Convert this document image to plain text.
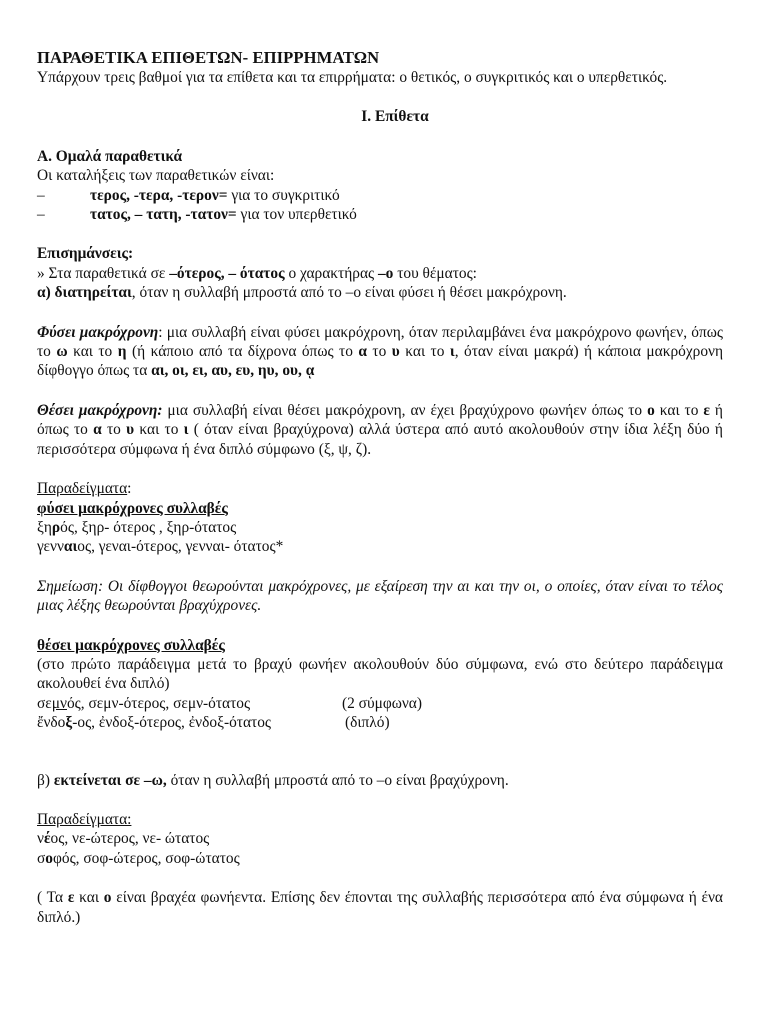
ΠΑΡΑΘΕΤΙΚΑ ΕΠΙΘΕΤΩΝ- ΕΠΙΡΡΗΜΑΤΩΝ

Υπάρχουν τρεις βαθμοί για τα επίθετα και τα επιρρήματα: ο θετικός, ο συγκριτικός και ο υπερθετικός.

I. Επίθετα

Α. Ομαλά παραθετικά

Οι καταλήξεις των παραθετικών είναι:

–	τερος, -τερα, -τερον= για το συγκριτικό
–	τατος, – τατη, -τατον= για τον υπερθετικό

Επισημάνσεις:

» Στα παραθετικά σε –ότερος, – ότατος ο χαρακτήρας –ο του θέματος:

α) διατηρείται, όταν η συλλαβή μπροστά από το –ο είναι φύσει ή θέσει μακρόχρονη.

Φύσει μακρόχρονη: μια συλλαβή είναι φύσει μακρόχρονη, όταν περιλαμβάνει ένα μακρόχρονο φωνήεν, όπως το ω και το η (ή κάποιο από τα δίχρονα όπως το α το υ και το ι, όταν είναι μακρά) ή κάποια μακρόχρονη δίφθογγο όπως τα αι, οι, ει, αυ, ευ, ηυ, ου, ᾳ

Θέσει μακρόχρονη: μια συλλαβή είναι θέσει μακρόχρονη, αν έχει βραχύχρονο φωνήεν όπως το ο και το ε ή όπως το α το υ και το ι ( όταν είναι βραχύχρονα) αλλά ύστερα από αυτό ακολουθούν στην ίδια λέξη δύο ή περισσότερα σύμφωνα ή ένα διπλό σύμφωνο (ξ, ψ, ζ).

Παραδείγματα:

φύσει μακρόχρονες συλλαβές

ξηρός, ξηρ- ότερος , ξηρ-ότατος

γενναιος, γεναι-ότερος, γενναι- ότατος*

Σημείωση: Οι δίφθογγοι θεωρούνται μακρόχρονες, με εξαίρεση την αι και την οι, ο οποίες, όταν είναι το τέλος μιας λέξης θεωρούνται βραχύχρονες.

θέσει μακρόχρονες συλλαβές

(στο πρώτο παράδειγμα μετά το βραχύ φωνήεν ακολουθούν δύο σύμφωνα, ενώ στο δεύτερο παράδειγμα ακολουθεί ένα διπλό)

σεμνός, σεμν-ότερος, σεμν-ότατος	(2 σύμφωνα)

ἔνδοξ-ος, ἐνδοξ-ότερος, ἐνδοξ-ότατος	(διπλό)

β) εκτείνεται σε –ω, όταν η συλλαβή μπροστά από το –ο είναι βραχύχρονη.

Παραδείγματα:

νέος, νε-ώτερος, νε- ώτατος

σοφός, σοφ-ώτερος, σοφ-ώτατος

( Τα ε και ο είναι βραχέα φωνήεντα. Επίσης δεν έπονται της συλλαβής περισσότερα από ένα σύμφωνα ή ένα διπλό.)
